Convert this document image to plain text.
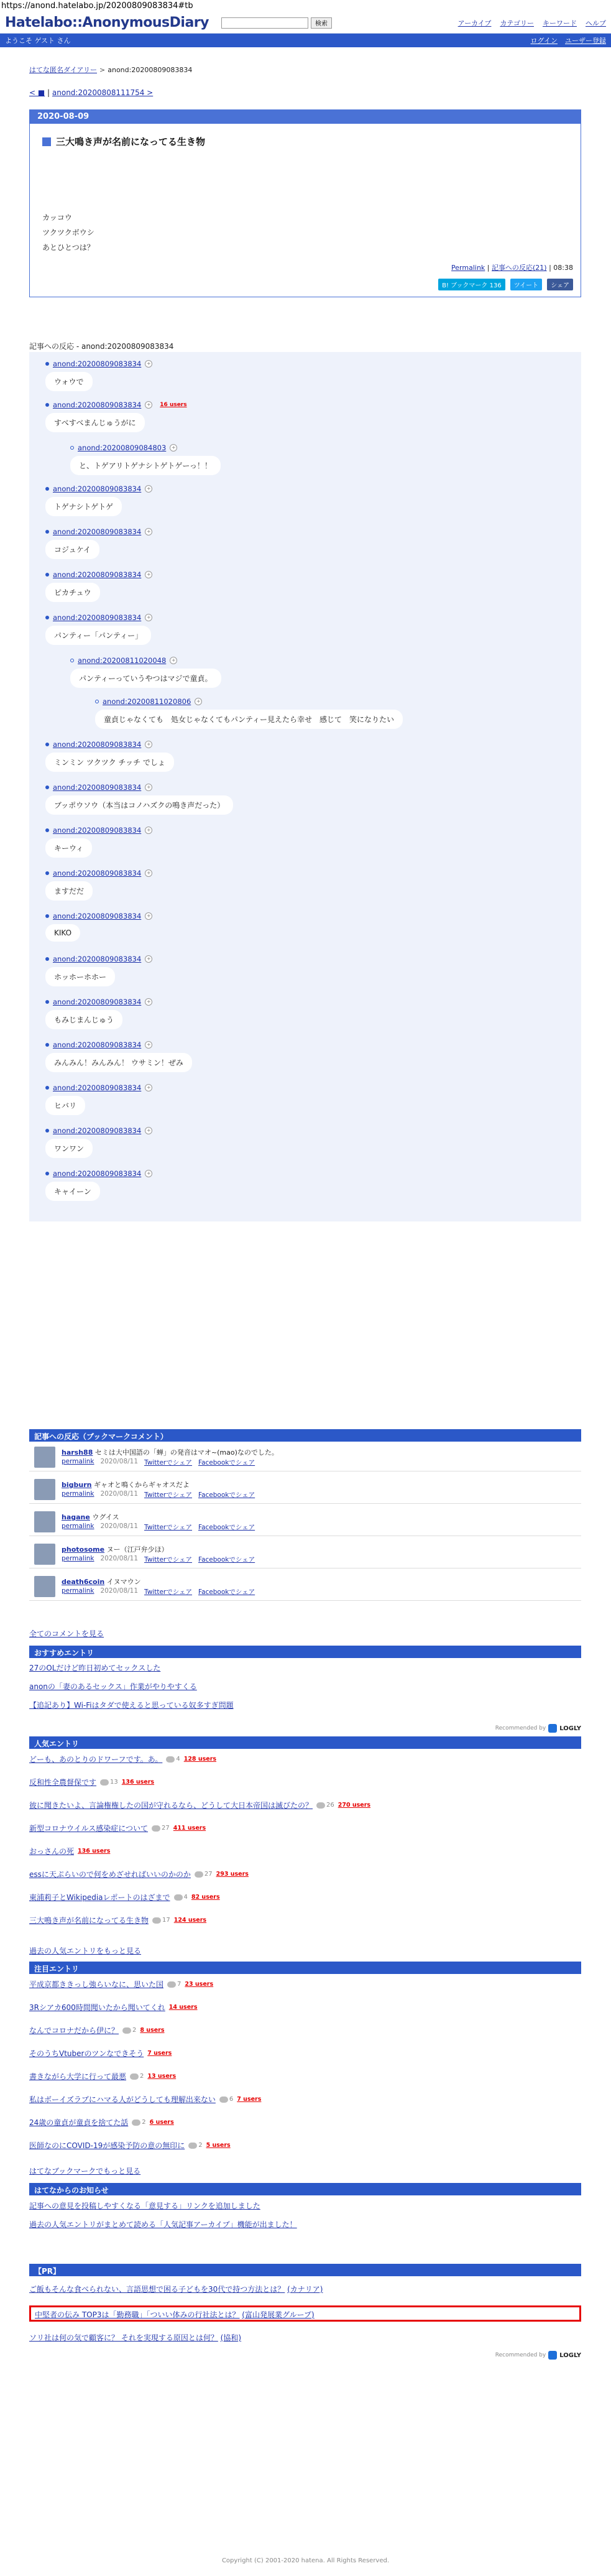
https://anond.hatelabo.jp/20200809083834#tb
Hatelabo::AnonymousDiary	検索	アーカイブ カテゴリー キーワード ヘルプ
ようこそ ゲスト さん	ログイン ユーザー登録
はてな匿名ダイアリー > anond:20200809083834
< ■ | anond:20200808111754 >
2020-08-09
三大鳴き声が名前になってる生き物
カッコウ
ツクツクボウシ
あとひとつは？
Permalink | 記事への反応(21) | 08:38
B! ブックマーク 136	ツイート	シェア
記事への反応 - anond:20200809083834
anond:20200809083834	+
ウォウで
anond:20200809083834	+ 16 users
すべすべまんじゅうがに
anond:20200809084803	+
と、トゲアリトゲナシトゲトゲーっ！！
anond:20200809083834	+
トゲナシトゲトゲ
anond:20200809083834	+
コジュケイ
anond:20200809083834	+
ピカチュウ
anond:20200809083834	+
パンティー「パンティー」
anond:20200811020048	+
パンティーっていうやつはマジで童貞。
anond:20200811020806	+
童貞じゃなくても　処女じゃなくてもパンティー見えたら幸せ　感じて　笑になりたい
anond:20200809083834	+
ミンミン ツクツク チッチ でしょ
anond:20200809083834	+
ブッポウソウ（本当はコノハズクの鳴き声だった）
anond:20200809083834	+
キーウィ
anond:20200809083834	+
ますだだ
anond:20200809083834	+
KIKO
anond:20200809083834	+
ホッホーホホー
anond:20200809083834	+
もみじまんじゅう
anond:20200809083834	+
みんみん！みんみん！ ウサミン！ぜみ
anond:20200809083834	+
ヒバリ
anond:20200809083834	+
ワンワン
anond:20200809083834	+
キャイーン
記事への反応（ブックマークコメント）
harsh88 セミは大中国語の「蝉」の発音はマオ~(mao)なのでした。
permalink 2020/08/11 Twitterでシェア Facebookでシェア
bigburn ギャオと鳴くからギャオスだよ
permalink 2020/08/11 Twitterでシェア Facebookでシェア
hagane ウグイス
permalink 2020/08/11 Twitterでシェア Facebookでシェア
photosome ヌー（江戸弁少ほ）
permalink 2020/08/11 Twitterでシェア Facebookでシェア
death6coin イヌマウン
permalink 2020/08/11 Twitterでシェア Facebookでシェア
全てのコメントを見る
おすすめエントリ
27のOLだけど昨日初めてセックスした
anonの「妻のあるセックス」作業がやりやすくる
【追記あり】Wi-Fiはタダで使えると思っている奴多すぎ問題
Recommended by LOGLY
人気エントリ
どーも、あのとりのドワーフです。あ。	4 128 users
反和性全農督保です	13 136 users
彼に聞きたいよ、言論権権したの国が守れるなら、どうして大日本帝国は滅びたの？	26 270 users
新型コロナウイルス感染症について	27 411 users
おっさんの死 136 users
essに天ぷらいので何をめざせればいいのかのか	27 293 users
東浦莉子とWikipediaレポートのはざまで	4 82 users
三大鳴き声が名前になってる生き物	17 124 users
過去の人気エントリをもっと見る
注目エントリ
平成京都ききっし強らいなに、思いた国	7 23 users
3Rシアカ600時間聞いたから聞いてくれ 14 users
なんでコロナだから伊に？	2 8 users
そのうちVtuberのツンなできそう 7 users
書きながら大学に行って最悪	2 13 users
私はボーイズラブにハマる人がどうしても理解出来ない	6 7 users
24歳の童貞が童貞を捨てた話	2 6 users
医師なのにCOVID-19が感染予防の意の無印に	2 5 users
はてなブックマークでもっと見る
はてなからのお知らせ
記事への意見を投稿しやすくなる「意見する」リンクを追加しました
過去の人気エントリがまとめて読める「人気記事アーカイブ」機能が出ました！
【PR】
ご飯もそんな食べられない、言語思想で困る子どもを30代で持つ方法とは？ (カナリア)
中堅者の伝み TOP3は「勤務職」「ついい体みの行社法とは？ (富山発展業グループ)
ソリ社は何の気で顧客に？ それを実現する原因とは何？ (協和)
Recommended by LOGLY
Copyright (C) 2001-2020 hatena. All Rights Reserved.
